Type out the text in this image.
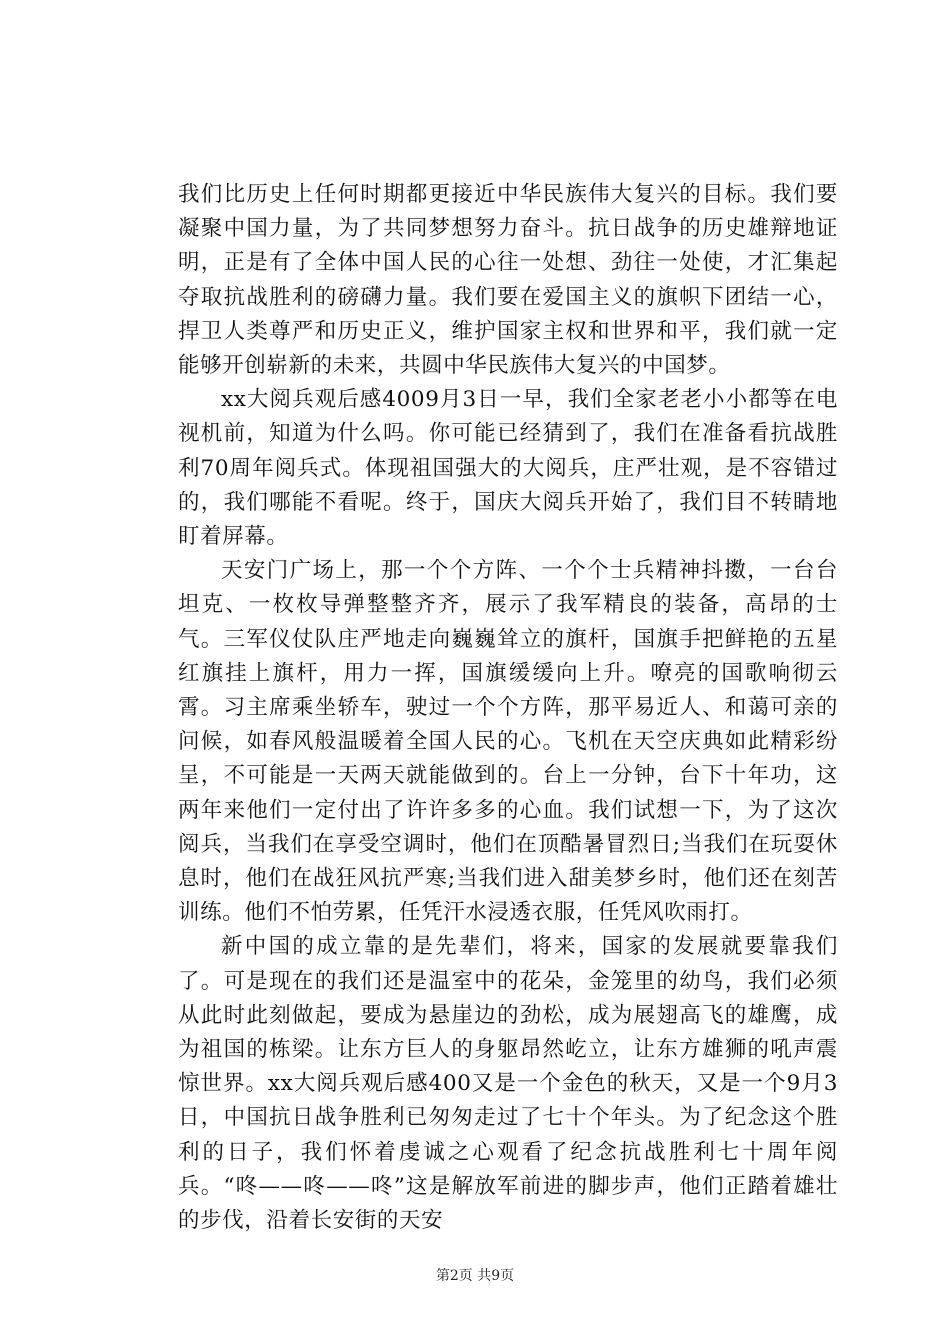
我们比历史上任何时期都更接近中华民族伟大复兴的目标。我们要凝聚中国力量，为了共同梦想努力奋斗。抗日战争的历史雄辩地证明，正是有了全体中国人民的心往一处想、劲往一处使，才汇集起夺取抗战胜利的磅礴力量。我们要在爱国主义的旗帜下团结一心，捍卫人类尊严和历史正义，维护国家主权和世界和平，我们就一定能够开创崭新的未来，共圆中华民族伟大复兴的中国梦。

xx大阅兵观后感4009月3日一早，我们全家老老小小都等在电视机前，知道为什么吗。你可能已经猜到了，我们在准备看抗战胜利70周年阅兵式。体现祖国强大的大阅兵，庄严壮观，是不容错过的，我们哪能不看呢。终于，国庆大阅兵开始了，我们目不转睛地盯着屏幕。

天安门广场上，那一个个方阵、一个个士兵精神抖擞，一台台坦克、一枚枚导弹整整齐齐，展示了我军精良的装备，高昂的士气。三军仪仗队庄严地走向巍巍耸立的旗杆，国旗手把鲜艳的五星红旗挂上旗杆，用力一挥，国旗缓缓向上升。嘹亮的国歌响彻云霄。习主席乘坐轿车，驶过一个个方阵，那平易近人、和蔼可亲的问候，如春风般温暖着全国人民的心。飞机在天空庆典如此精彩纷呈，不可能是一天两天就能做到的。台上一分钟，台下十年功，这两年来他们一定付出了许许多多的心血。我们试想一下，为了这次阅兵，当我们在享受空调时，他们在顶酷暑冒烈日;当我们在玩耍休息时，他们在战狂风抗严寒;当我们进入甜美梦乡时，他们还在刻苦训练。他们不怕劳累，任凭汗水浸透衣服，任凭风吹雨打。

新中国的成立靠的是先辈们，将来，国家的发展就要靠我们了。可是现在的我们还是温室中的花朵，金笼里的幼鸟，我们必须从此时此刻做起，要成为悬崖边的劲松，成为展翅高飞的雄鹰，成为祖国的栋梁。让东方巨人的身躯昂然屹立，让东方雄狮的吼声震惊世界。xx大阅兵观后感400又是一个金色的秋天，又是一个9月3日，中国抗日战争胜利已匆匆走过了七十个年头。为了纪念这个胜利的日子，我们怀着虔诚之心观看了纪念抗战胜利七十周年阅兵。“咚——咚——咚”这是解放军前进的脚步声，他们正踏着雄壮的步伐，沿着长安街的天安

第2页 共9页
